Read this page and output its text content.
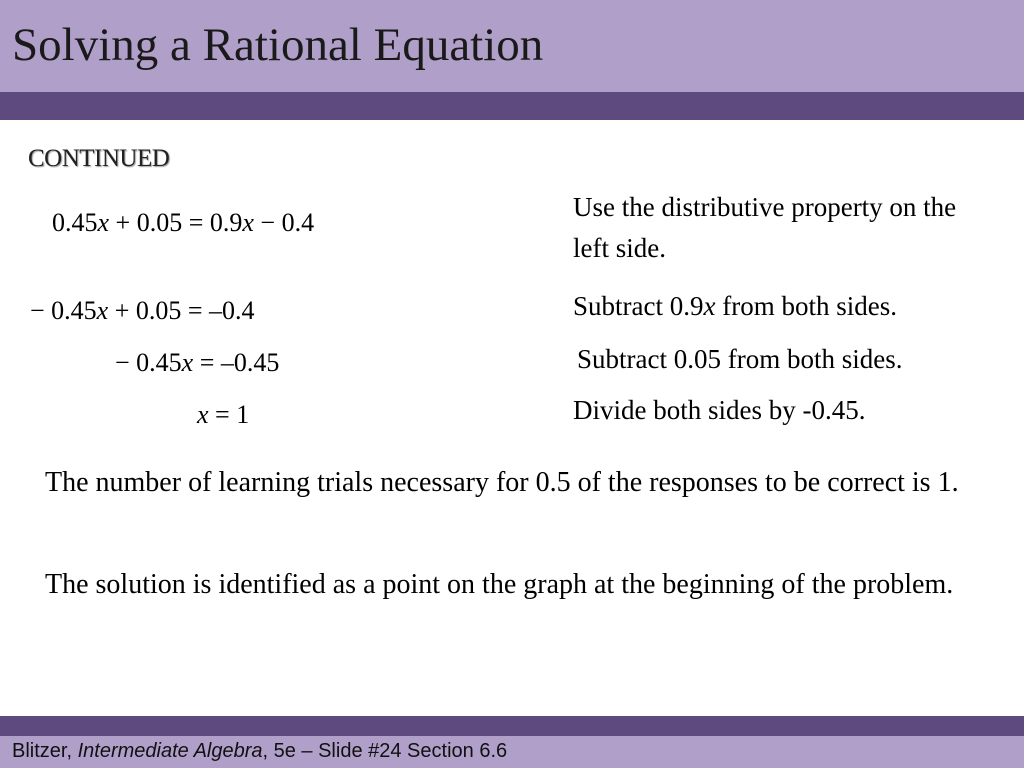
Solving a Rational Equation
CONTINUED
0.45x + 0.05 = 0.9x − 0.4
− 0.45x + 0.05 = –0.4
− 0.45x = –0.45
x = 1
Use the distributive property on the left side.
Subtract 0.9x from both sides.
Subtract 0.05 from both sides.
Divide both sides by -0.45.
The number of learning trials necessary for 0.5 of the responses to be correct is 1.
The solution is identified as a point on the graph at the beginning of the problem.
Blitzer, Intermediate Algebra, 5e – Slide #24 Section 6.6
